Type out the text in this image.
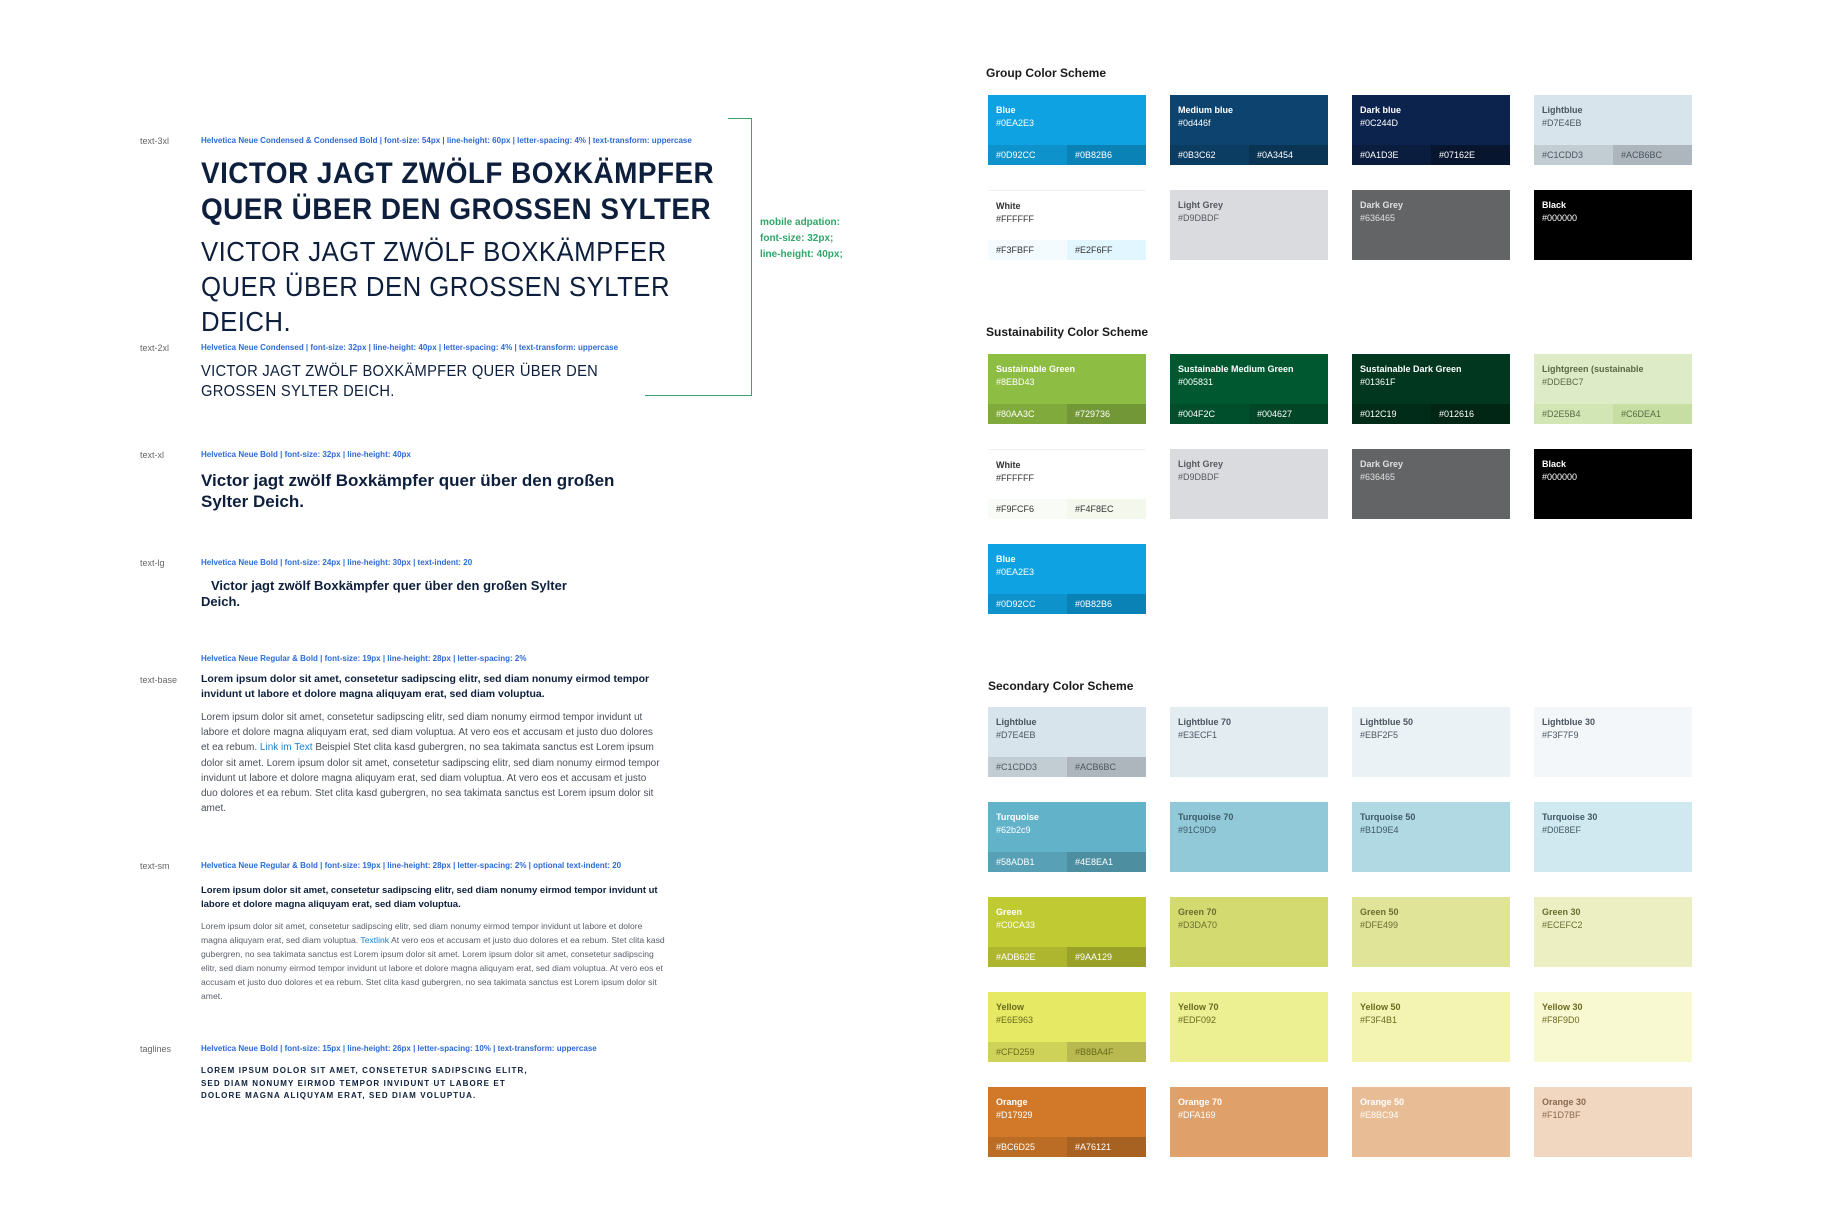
text-3xl	Helvetica Neue Condensed & Condensed Bold | font-size: 54px | line-height: 60px | letter-spacing: 4% | text-transform: uppercase
VICTOR JAGT ZWÖLF BOXKÄMPFER QUER ÜBER DEN GROSSEN SYLTER
VICTOR JAGT ZWÖLF BOXKÄMPFER QUER ÜBER DEN GROSSEN SYLTER DEICH.
mobile adpation:
font-size: 32px;
line-height: 40px;
text-2xl	Helvetica Neue Condensed | font-size: 32px | line-height: 40px | letter-spacing: 4% | text-transform: uppercase
VICTOR JAGT ZWÖLF BOXKÄMPFER QUER ÜBER DEN GROSSEN SYLTER DEICH.
text-xl	Helvetica Neue Bold | font-size: 32px | line-height: 40px
Victor jagt zwölf Boxkämpfer quer über den großen Sylter Deich.
text-lg	Helvetica Neue Bold | font-size: 24px | line-height: 30px | text-indent: 20
Victor jagt zwölf Boxkämpfer quer über den großen Sylter Deich.
Helvetica Neue Regular & Bold | font-size: 19px | line-height: 28px | letter-spacing: 2%
text-base Lorem ipsum dolor sit amet, consetetur sadipscing elitr, sed diam nonumy eirmod tempor invidunt ut labore et dolore magna aliquyam erat, sed diam voluptua.
Lorem ipsum dolor sit amet, consetetur sadipscing elitr, sed diam nonumy eirmod tempor invidunt ut labore et dolore magna aliquyam erat, sed diam voluptua. At vero eos et accusam et justo duo dolores et ea rebum. Link im Text Beispiel Stet clita kasd gubergren, no sea takimata sanctus est Lorem ipsum dolor sit amet. Lorem ipsum dolor sit amet, consetetur sadipscing elitr, sed diam nonumy eirmod tempor invidunt ut labore et dolore magna aliquyam erat, sed diam voluptua. At vero eos et accusam et justo duo dolores et ea rebum. Stet clita kasd gubergren, no sea takimata sanctus est Lorem ipsum dolor sit amet.
text-sm	Helvetica Neue Regular & Bold | font-size: 19px | line-height: 28px | letter-spacing: 2% | optional text-indent: 20
Lorem ipsum dolor sit amet, consetetur sadipscing elitr, sed diam nonumy eirmod tempor invidunt ut labore et dolore magna aliquyam erat, sed diam voluptua.
Lorem ipsum dolor sit amet, consetetur sadipscing elitr, sed diam nonumy eirmod tempor invidunt ut labore et dolore magna aliquyam erat, sed diam voluptua. Textlink At vero eos et accusam et justo duo dolores et ea rebum. Stet clita kasd gubergren, no sea takimata sanctus est Lorem ipsum dolor sit amet. Lorem ipsum dolor sit amet, consetetur sadipscing elitr, sed diam nonumy eirmod tempor invidunt ut labore et dolore magna aliquyam erat, sed diam voluptua. At vero eos et accusam et justo duo dolores et ea rebum. Stet clita kasd gubergren, no sea takimata sanctus est Lorem ipsum dolor sit amet.
taglines	Helvetica Neue Bold | font-size: 15px | line-height: 26px | letter-spacing: 10% | text-transform: uppercase
LOREM IPSUM DOLOR SIT AMET, CONSETETUR SADIPSCING ELITR, SED DIAM NONUMY EIRMOD TEMPOR INVIDUNT UT LABORE ET DOLORE MAGNA ALIQUYAM ERAT, SED DIAM VOLUPTUA.
Group Color Scheme
Sustainability Color Scheme
Secondary Color Scheme
Blue
#0EA2E3
#0D92CC	#0B82B6
Medium blue
#0d446f
#0B3C62	#0A3454
Dark blue
#0C244D
#0A1D3E	#07162E
Lightblue
#D7E4EB
#C1CDD3	#ACB6BC
White
#FFFFFF
#F3FBFF	#E2F6FF
Light Grey
#D9DBDF
Dark Grey
#636465
Black
#000000
Sustainable Green
#8EBD43
#80AA3C	#729736
Sustainable Medium Green
#005831
#004F2C	#004627
Sustainable Dark Green
#01361F
#012C19	#012616
Lightgreen (sustainable
#DDEBC7
#D2E5B4	#C6DEA1
White
#FFFFFF
#F9FCF6	#F4F8EC
Light Grey
#D9DBDF
Dark Grey
#636465
Black
#000000
Blue
#0EA2E3
#0D92CC	#0B82B6
Lightblue
#D7E4EB
#C1CDD3	#ACB6BC
Lightblue 70
#E3ECF1
Lightblue 50
#EBF2F5
Lightblue 30
#F3F7F9
Turquoise
#62b2c9
#58ADB1	#4E8EA1
Turquoise 70
#91C9D9
Turquoise 50
#B1D9E4
Turquoise 30
#D0E8EF
Green
#C0CA33
#ADB62E	#9AA129
Green 70
#D3DA70
Green 50
#DFE499
Green 30
#ECEFC2
Yellow
#E6E963
#CFD259	#B8BA4F
Yellow 70
#EDF092
Yellow 50
#F3F4B1
Yellow 30
#F8F9D0
Orange
#D17929
#BC6D25	#A76121
Orange 70
#DFA169
Orange 50
#E8BC94
Orange 30
#F1D7BF
